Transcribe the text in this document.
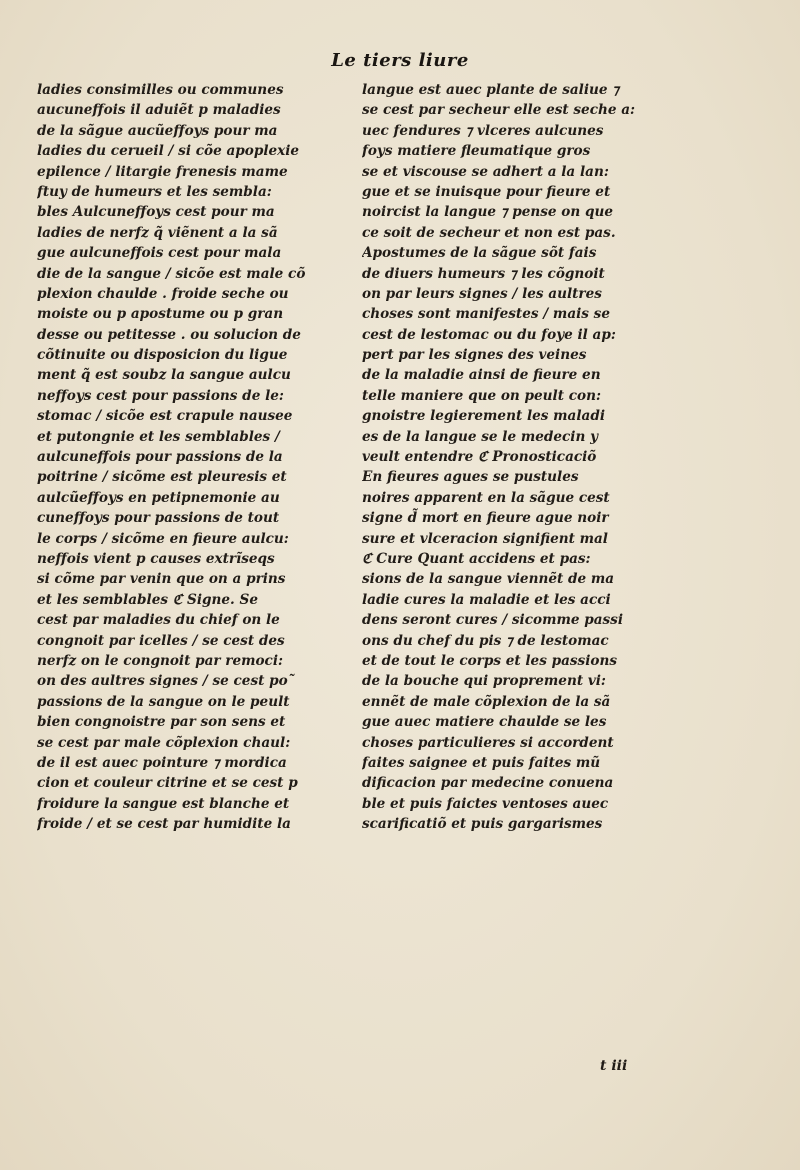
Le tiers liure
ladies consimilles ou communes
aucuneffois il aduiẽt p maladies
de la sãgue aucũeffoys pour ma
ladies du cerueil / si cõe apoplexie
epilence / litargie frenesis mame
ftuy de humeurs et les sembla:
bles Aulcuneffoys cest pour ma
ladies de nerfz q̃ viẽnent a la sã
gue aulcuneffois cest pour mala
die de la sangue / sicõe est male cõ
plexion chaulde . froide seche ou
moiste ou p apostume ou p gran
desse ou petitesse . ou solucion de
cõtinuite ou disposicion du ligue
ment q̃ est soubz la sangue aulcu
neffoys cest pour passions de le:
stomac / sicõe est crapule nausee
et putongnie et les semblables /
aulcuneffois pour passions de la
poitrine / sicõme est pleuresis et
aulcũeffoys en petipnemonie au
cuneffoys pour passions de tout
le corps / sicõme en fieure aulcu:
neffois vient p causes extrĩseqs
si cõme par venin que on a prins
et les semblables ℭ Signe. Se
cest par maladies du chief on le
congnoit par icelles / se cest des
nerfz on le congnoit par remoci:
on des aultres signes / se cest po˜
passions de la sangue on le peult
bien congnoistre par son sens et
se cest par male cõplexion chaul:
de il est auec pointure ⁊ mordica
cion et couleur citrine et se cest p
froidure la sangue est blanche et
froide / et se cest par humidite la
langue est auec plante de saliue ⁊
se cest par secheur elle est seche a:
uec fendures ⁊ vlceres aulcunes
foys matiere fleumatique gros
se et viscouse se adhert a la lan:
gue et se inuisque pour fieure et
noircist la langue ⁊ pense on que
ce soit de secheur et non est pas.
Apostumes de la sãgue sõt fais
de diuers humeurs ⁊ les cõgnoit
on par leurs signes / les aultres
choses sont manifestes / mais se
cest de lestomac ou du foye il ap:
pert par les signes des veines
de la maladie ainsi de fieure en
telle maniere que on peult con:
gnoistre legierement les maladi
es de la langue se le medecin y
veult entendre ℭ Pronosticaciõ
En fieures agues se pustules
noires apparent en la sãgue cest
signe d̃ mort en fieure ague noir
sure et vlceracion signifient mal
ℭ Cure Quant accidens et pas:
sions de la sangue viennẽt de ma
ladie cures la maladie et les acci
dens seront cures / sicomme passi
ons du chef du pis ⁊ de lestomac
et de tout le corps et les passions
de la bouche qui proprement vi:
ennẽt de male cõplexion de la sã
gue auec matiere chaulde se les
choses particulieres si accordent
faites saignee et puis faites mũ
dificacion par medecine conuena
ble et puis faictes ventoses auec
scarificatiõ et puis gargarismes
t iii
